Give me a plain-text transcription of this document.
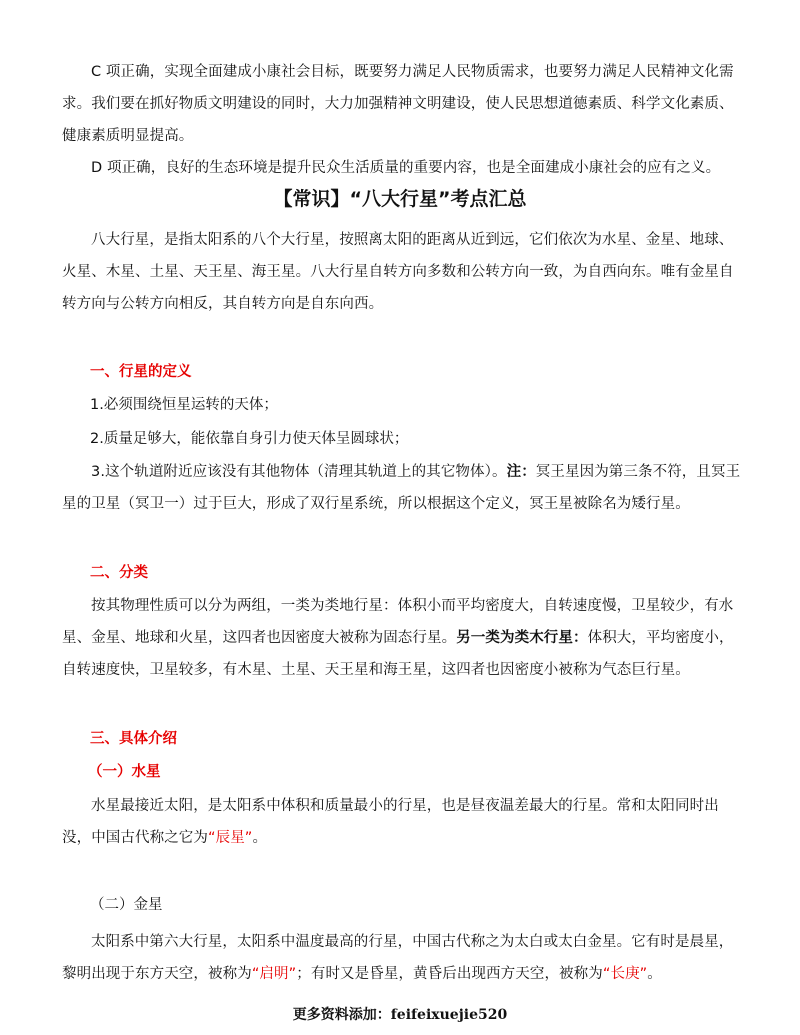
C 项正确，实现全面建成小康社会目标，既要努力满足人民物质需求，也要努力满足人民精神文化需求。我们要在抓好物质文明建设的同时，大力加强精神文明建设，使人民思想道德素质、科学文化素质、健康素质明显提高。

D 项正确，良好的生态环境是提升民众生活质量的重要内容，也是全面建成小康社会的应有之义。

【常识】“八大行星”考点汇总

八大行星，是指太阳系的八个大行星，按照离太阳的距离从近到远，它们依次为水星、金星、地球、火星、木星、土星、天王星、海王星。八大行星自转方向多数和公转方向一致，为自西向东。唯有金星自转方向与公转方向相反，其自转方向是自东向西。

一、行星的定义

1.必须围绕恒星运转的天体；

2.质量足够大，能依靠自身引力使天体呈圆球状；

3.这个轨道附近应该没有其他物体（清理其轨道上的其它物体）。注：冥王星因为第三条不符，且冥王星的卫星（冥卫一）过于巨大，形成了双行星系统，所以根据这个定义，冥王星被除名为矮行星。

二、分类

按其物理性质可以分为两组，一类为类地行星：体积小而平均密度大，自转速度慢，卫星较少，有水星、金星、地球和火星，这四者也因密度大被称为固态行星。另一类为类木行星：体积大，平均密度小，自转速度快，卫星较多，有木星、土星、天王星和海王星，这四者也因密度小被称为气态巨行星。

三、具体介绍
（一）水星

水星最接近太阳，是太阳系中体积和质量最小的行星，也是昼夜温差最大的行星。常和太阳同时出没，中国古代称之它为“辰星”。

（二）金星

太阳系中第六大行星，太阳系中温度最高的行星，中国古代称之为太白或太白金星。它有时是晨星，黎明出现于东方天空，被称为“启明”；有时又是昏星，黄昏后出现西方天空，被称为“长庚”。

更多资料添加：feifeixuejie520
